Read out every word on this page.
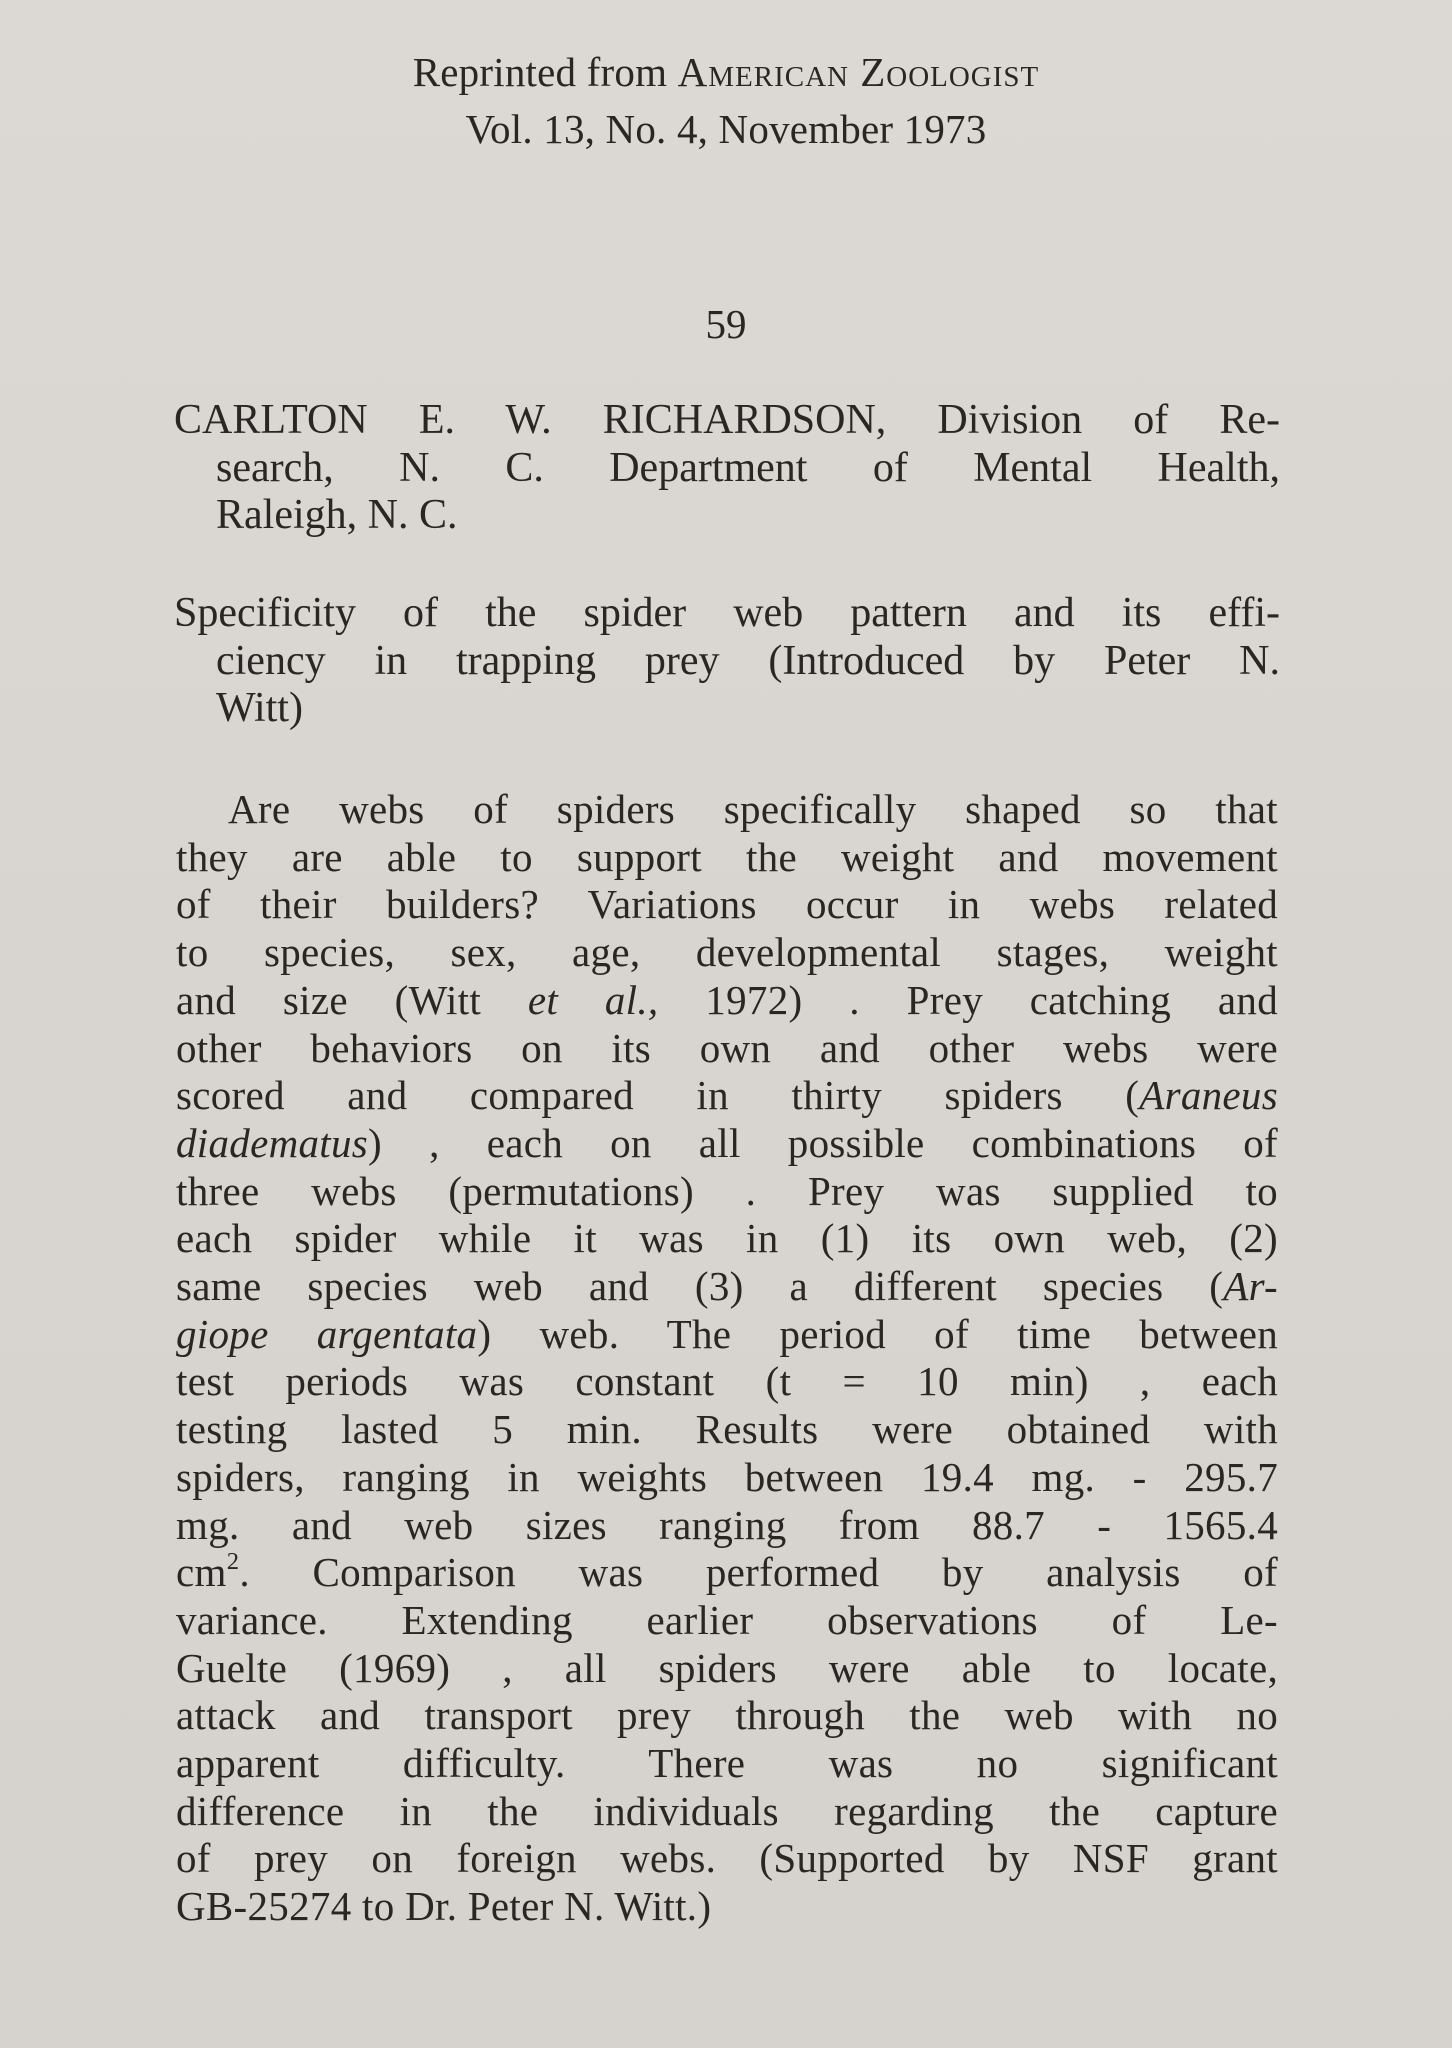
Reprinted from American Zoologist
Vol. 13, No. 4, November 1973
59
CARLTON E. W. RICHARDSON, Division of Re-
search, N. C. Department of Mental Health,
Raleigh, N. C.
Specificity of the spider web pattern and its effi-
ciency in trapping prey (Introduced by Peter N.
Witt)
Are webs of spiders specifically shaped so that
they are able to support the weight and movement
of their builders? Variations occur in webs related
to species, sex, age, developmental stages, weight
and size (Witt et al., 1972) . Prey catching and
other behaviors on its own and other webs were
scored and compared in thirty spiders (Araneus
diadematus) , each on all possible combinations of
three webs (permutations) . Prey was supplied to
each spider while it was in (1) its own web, (2)
same species web and (3) a different species (Ar-
giope argentata) web. The period of time between
test periods was constant (t = 10 min) , each
testing lasted 5 min. Results were obtained with
spiders, ranging in weights between 19.4 mg. - 295.7
mg. and web sizes ranging from 88.7 - 1565.4
$cm^2$. Comparison was performed by analysis of
variance. Extending earlier observations of Le-
Guelte (1969) , all spiders were able to locate,
attack and transport prey through the web with no
apparent difficulty. There was no significant
difference in the individuals regarding the capture
of prey on foreign webs. (Supported by NSF grant
GB-25274 to Dr. Peter N. Witt.)
